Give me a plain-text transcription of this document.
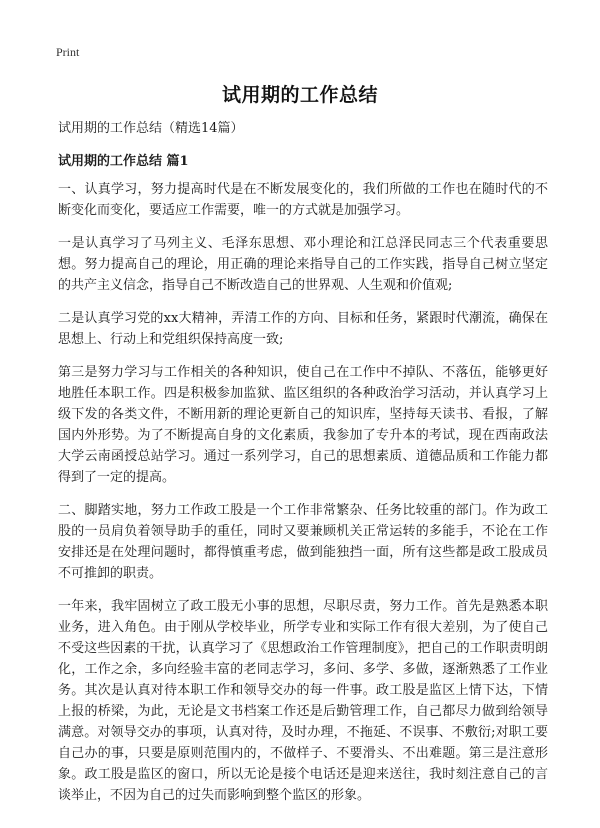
Print
试用期的工作总结

试用期的工作总结（精选14篇）

试用期的工作总结 篇1

一、认真学习，努力提高时代是在不断发展变化的，我们所做的工作也在随时代的不断变化而变化，要适应工作需要，唯一的方式就是加强学习。

一是认真学习了马列主义、毛泽东思想、邓小理论和江总泽民同志三个代表重要思想。努力提高自己的理论，用正确的理论来指导自己的工作实践，指导自己树立坚定的共产主义信念，指导自己不断改造自己的世界观、人生观和价值观;

二是认真学习党的xx大精神，弄清工作的方向、目标和任务，紧跟时代潮流，确保在思想上、行动上和党组织保持高度一致;

第三是努力学习与工作相关的各种知识，使自己在工作中不掉队、不落伍，能够更好地胜任本职工作。四是积极参加监狱、监区组织的各种政治学习活动，并认真学习上级下发的各类文件，不断用新的理论更新自己的知识库，坚持每天读书、看报，了解国内外形势。为了不断提高自身的文化素质，我参加了专升本的考试，现在西南政法大学云南函授总站学习。通过一系列学习，自己的思想素质、道德品质和工作能力都得到了一定的提高。

二、脚踏实地，努力工作政工股是一个工作非常繁杂、任务比较重的部门。作为政工股的一员肩负着领导助手的重任，同时又要兼顾机关正常运转的多能手，不论在工作安排还是在处理问题时，都得慎重考虑，做到能独挡一面，所有这些都是政工股成员不可推卸的职责。

一年来，我牢固树立了政工股无小事的思想，尽职尽责，努力工作。首先是熟悉本职业务，进入角色。由于刚从学校毕业，所学专业和实际工作有很大差别，为了使自己不受这些因素的干扰，认真学习了《思想政治工作管理制度》，把自己的工作职责明朗化，工作之余，多向经验丰富的老同志学习，多问、多学、多做，逐渐熟悉了工作业务。其次是认真对待本职工作和领导交办的每一件事。政工股是监区上情下达，下情上报的桥梁，为此，无论是文书档案工作还是后勤管理工作，自己都尽力做到给领导满意。对领导交办的事项，认真对待，及时办理，不拖延、不误事、不敷衍;对职工要自己办的事，只要是原则范围内的，不做样子、不要滑头、不出难题。第三是注意形象。政工股是监区的窗口，所以无论是接个电话还是迎来送往，我时刻注意自己的言谈举止，不因为自己的过失而影响到整个监区的形象。
